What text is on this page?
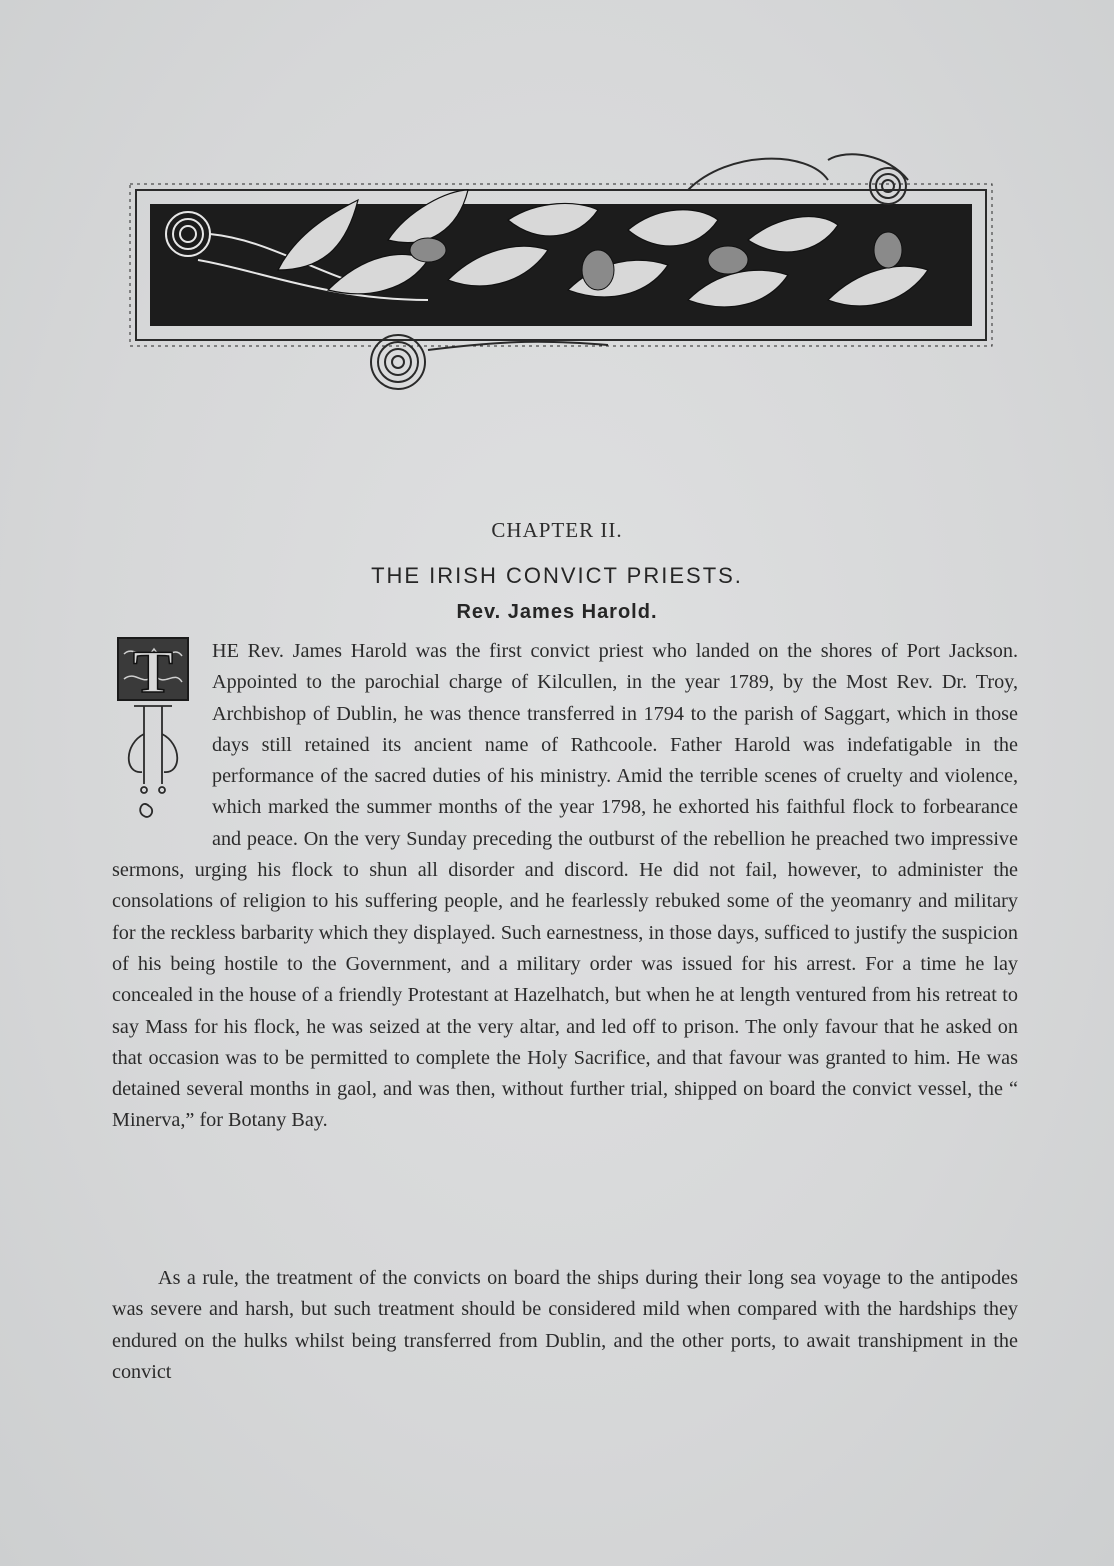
CHAPTER II.
THE IRISH CONVICT PRIESTS.
Rev. James Harold.
T	HE Rev. James Harold was the first convict priest who landed on the shores of Port Jackson. Appointed to the parochial charge of Kilcullen, in the year 1789, by the Most Rev. Dr. Troy, Archbishop of Dublin, he was thence transferred in 1794 to the parish of Saggart, which in those days still retained its ancient name of Rathcoole. Father Harold was indefatigable in the performance of the sacred duties of his ministry. Amid the terrible scenes of cruelty and violence, which marked the summer months of the year 1798, he exhorted his faithful flock to forbearance and peace. On the very Sunday preceding the outburst of the rebellion he preached two impressive sermons, urging his flock to shun all disorder and discord. He did not fail, however, to administer the consolations of religion to his suffering people, and he fearlessly rebuked some of the yeomanry and military for the reckless barbarity which they displayed. Such earnestness, in those days, sufficed to justify the suspicion of his being hostile to the Government, and a military order was issued for his arrest. For a time he lay concealed in the house of a friendly Protestant at Hazelhatch, but when he at length ventured from his retreat to say Mass for his flock, he was seized at the very altar, and led off to prison. The only favour that he asked on that occasion was to be permitted to complete the Holy Sacrifice, and that favour was granted to him. He was detained several months in gaol, and was then, without further trial, shipped on board the convict vessel, the “ Minerva,” for Botany Bay.
As a rule, the treatment of the convicts on board the ships during their long sea voyage to the antipodes was severe and harsh, but such treatment should be considered mild when compared with the hardships they endured on the hulks whilst being transferred from Dublin, and the other ports, to await transhipment in the convict
